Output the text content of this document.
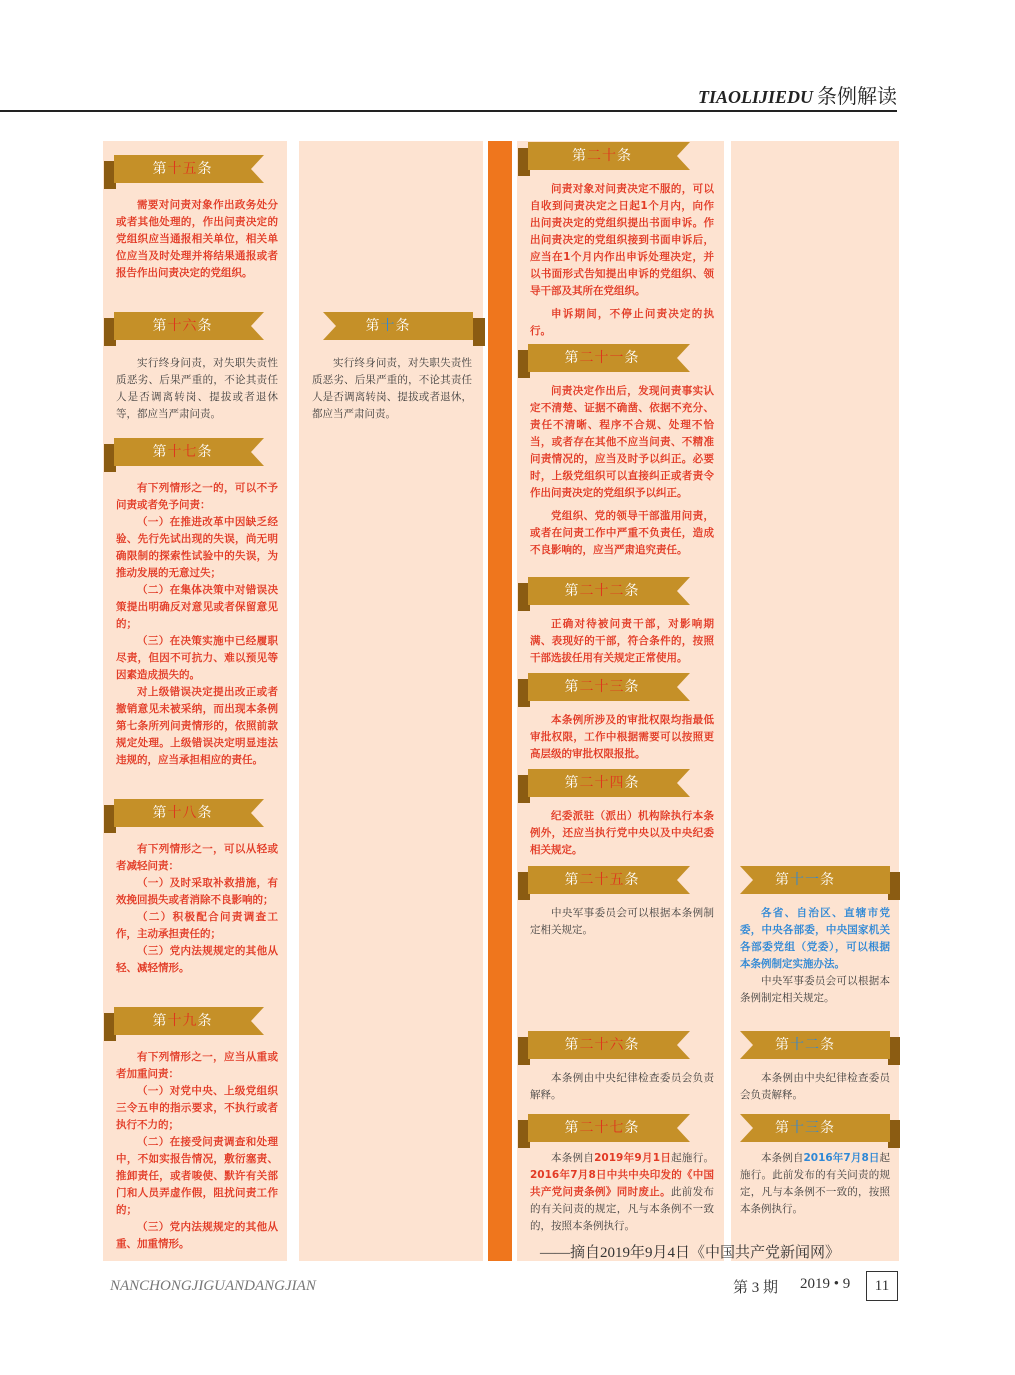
TIAOLIJIEDU 条例解读
第十五条

需要对问责对象作出政务处分或者其他处理的，作出问责决定的党组织应当通报相关单位，相关单位应当及时处理并将结果通报或者报告作出问责决定的党组织。

第十六条

实行终身问责，对失职失责性质恶劣、后果严重的，不论其责任人是否调离转岗、提拔或者退休等，都应当严肃问责。

第十七条

有下列情形之一的，可以不予问责或者免予问责：

（一）在推进改革中因缺乏经验、先行先试出现的失误，尚无明确限制的探索性试验中的失误，为推动发展的无意过失；

（二）在集体决策中对错误决策提出明确反对意见或者保留意见的；

（三）在决策实施中已经履职尽责，但因不可抗力、难以预见等因素造成损失的。

对上级错误决定提出改正或者撤销意见未被采纳，而出现本条例第七条所列问责情形的，依照前款规定处理。上级错误决定明显违法违规的，应当承担相应的责任。

第十八条

有下列情形之一，可以从轻或者减轻问责：

（一）及时采取补救措施，有效挽回损失或者消除不良影响的；

（二）积极配合问责调查工作，主动承担责任的；

（三）党内法规规定的其他从轻、减轻情形。

第十九条

有下列情形之一，应当从重或者加重问责：

（一）对党中央、上级党组织三令五申的指示要求，不执行或者执行不力的；

（二）在接受问责调查和处理中，不如实报告情况，敷衍塞责、推卸责任，或者唆使、默许有关部门和人员弄虚作假，阻扰问责工作的；

（三）党内法规规定的其他从重、加重情形。

第十条

实行终身问责，对失职失责性质恶劣、后果严重的，不论其责任人是否调离转岗、提拔或者退休，都应当严肃问责。

第二十条

问责对象对问责决定不服的，可以自收到问责决定之日起1个月内，向作出问责决定的党组织提出书面申诉。作出问责决定的党组织接到书面申诉后，应当在1个月内作出申诉处理决定，并以书面形式告知提出申诉的党组织、领导干部及其所在党组织。

申诉期间，不停止问责决定的执行。

第二十一条

问责决定作出后，发现问责事实认定不清楚、证据不确凿、依据不充分、责任不清晰、程序不合规、处理不恰当，或者存在其他不应当问责、不精准问责情况的，应当及时予以纠正。必要时，上级党组织可以直接纠正或者责令作出问责决定的党组织予以纠正。

党组织、党的领导干部滥用问责，或者在问责工作中严重不负责任，造成不良影响的，应当严肃追究责任。

第二十二条

正确对待被问责干部，对影响期满、表现好的干部，符合条件的，按照干部选拔任用有关规定正常使用。

第二十三条

本条例所涉及的审批权限均指最低审批权限，工作中根据需要可以按照更高层级的审批权限报批。

第二十四条

纪委派驻（派出）机构除执行本条例外，还应当执行党中央以及中央纪委相关规定。

第二十五条

中央军事委员会可以根据本条例制定相关规定。

第二十六条

本条例由中央纪律检查委员会负责解释。

第二十七条

本条例自2019年9月1日起施行。2016年7月8日中共中央印发的《中国共产党问责条例》同时废止。此前发布的有关问责的规定，凡与本条例不一致的，按照本条例执行。

第十一条

各省、自治区、直辖市党委，中央各部委，中央国家机关各部委党组（党委），可以根据本条例制定实施办法。

中央军事委员会可以根据本条例制定相关规定。

第十二条

本条例由中央纪律检查委员会负责解释。

第十三条

本条例自2016年7月8日起施行。此前发布的有关问责的规定，凡与本条例不一致的，按照本条例执行。

——摘自2019年9月4日《中国共产党新闻网》
NANCHONGJIGUANDANGJIAN	第 3 期 2019 • 9	11
